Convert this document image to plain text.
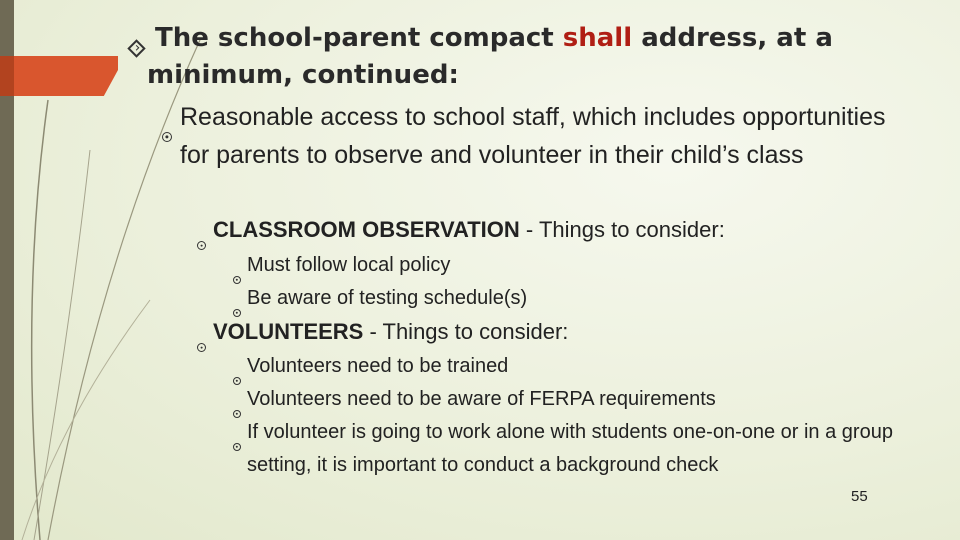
The school-parent compact shall address, at a
minimum, continued:
Reasonable access to school staff, which includes opportunities for parents to observe and volunteer in their child’s class
CLASSROOM OBSERVATION - Things to consider:
Must follow local policy
Be aware of testing schedule(s)
VOLUNTEERS - Things to consider:
Volunteers need to be trained
Volunteers need to be aware of FERPA requirements
If volunteer is going to work alone with students one-on-one or in a group setting, it is important to conduct a background check
55
